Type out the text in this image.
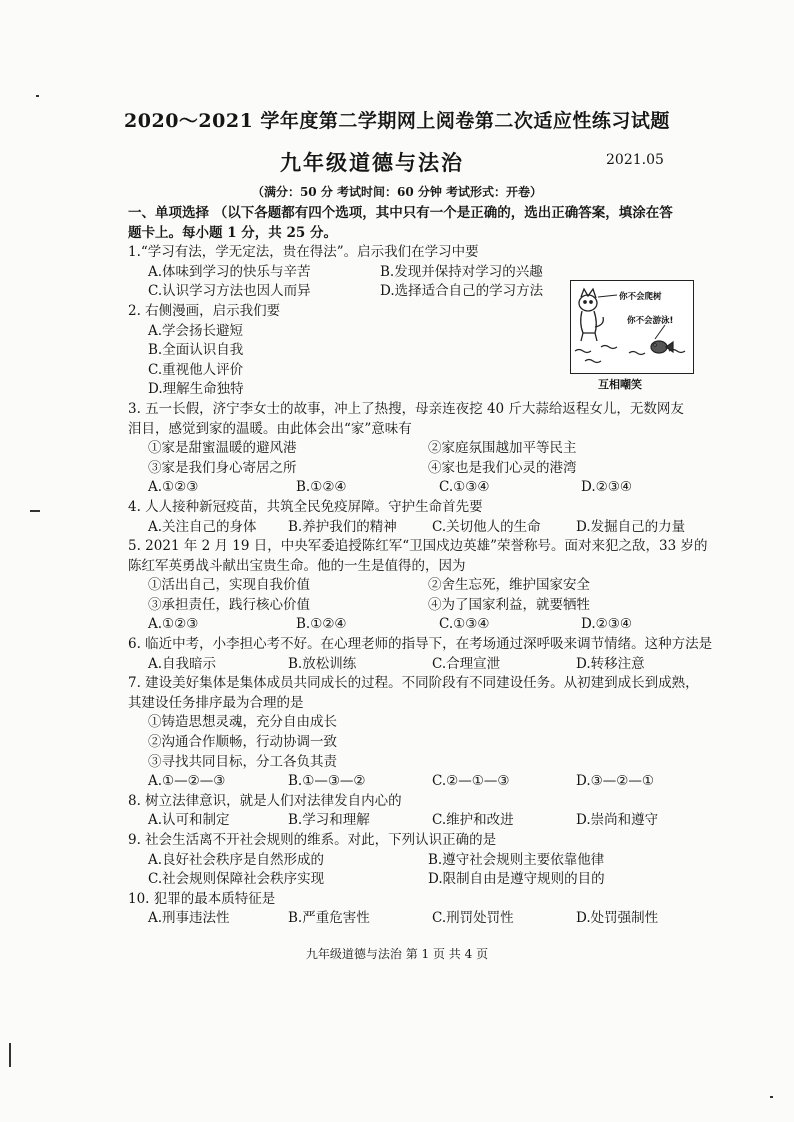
2020～2021 学年度第二学期网上阅卷第二次适应性练习试题
九年级道德与法治	2021.05
（满分：50 分 考试时间：60 分钟 考试形式：开卷）
一、单项选择 （以下各题都有四个选项，其中只有一个是正确的，选出正确答案，填涂在答
题卡上。每小题 1 分，共 25 分。
1.“学习有法，学无定法，贵在得法”。启示我们在学习中要
A.体味到学习的快乐与辛苦	B.发现并保持对学习的兴趣
C.认识学习方法也因人而异	D.选择适合自己的学习方法
2. 右侧漫画，启示我们要
A.学会扬长避短
B.全面认识自我
C.重视他人评价
D.理解生命独特
3. 五一长假，济宁李女士的故事，冲上了热搜，母亲连夜挖 40 斤大蒜给返程女儿，无数网友
泪目，感觉到家的温暖。由此体会出“家”意味有
①家是甜蜜温暖的避风港	②家庭氛围越加平等民主
③家是我们身心寄居之所	④家也是我们心灵的港湾
A.①②③	B.①②④	C.①③④	D.②③④
4. 人人接种新冠疫苗，共筑全民免疫屏障。守护生命首先要
A.关注自己的身体	B.养护我们的精神	C.关切他人的生命	D.发掘自己的力量
5. 2021 年 2 月 19 日，中央军委追授陈红军“卫国戍边英雄”荣誉称号。面对来犯之敌，33 岁的
陈红军英勇战斗献出宝贵生命。他的一生是值得的，因为
①活出自己，实现自我价值	②舍生忘死，维护国家安全
③承担责任，践行核心价值	④为了国家利益，就要牺牲
A.①②③	B.①②④	C.①③④	D.②③④
6. 临近中考，小李担心考不好。在心理老师的指导下，在考场通过深呼吸来调节情绪。这种方法是
A.自我暗示	B.放松训练	C.合理宣泄	D.转移注意
7. 建设美好集体是集体成员共同成长的过程。不同阶段有不同建设任务。从初建到成长到成熟，
其建设任务排序最为合理的是
①铸造思想灵魂，充分自由成长
②沟通合作顺畅，行动协调一致
③寻找共同目标，分工各负其责
A.①—②—③	B.①—③—②	C.②—①—③	D.③—②—①
8. 树立法律意识，就是人们对法律发自内心的
A.认可和制定	B.学习和理解	C.维护和改进	D.崇尚和遵守
9. 社会生活离不开社会规则的维系。对此，下列认识正确的是
A.良好社会秩序是自然形成的	B.遵守社会规则主要依靠他律
C.社会规则保障社会秩序实现	D.限制自由是遵守规则的目的
10. 犯罪的最本质特征是
A.刑事违法性	B.严重危害性	C.刑罚处罚性	D.处罚强制性
你不会爬树
你不会游泳!
互相嘲笑
九年级道德与法治 第 1 页 共 4 页
